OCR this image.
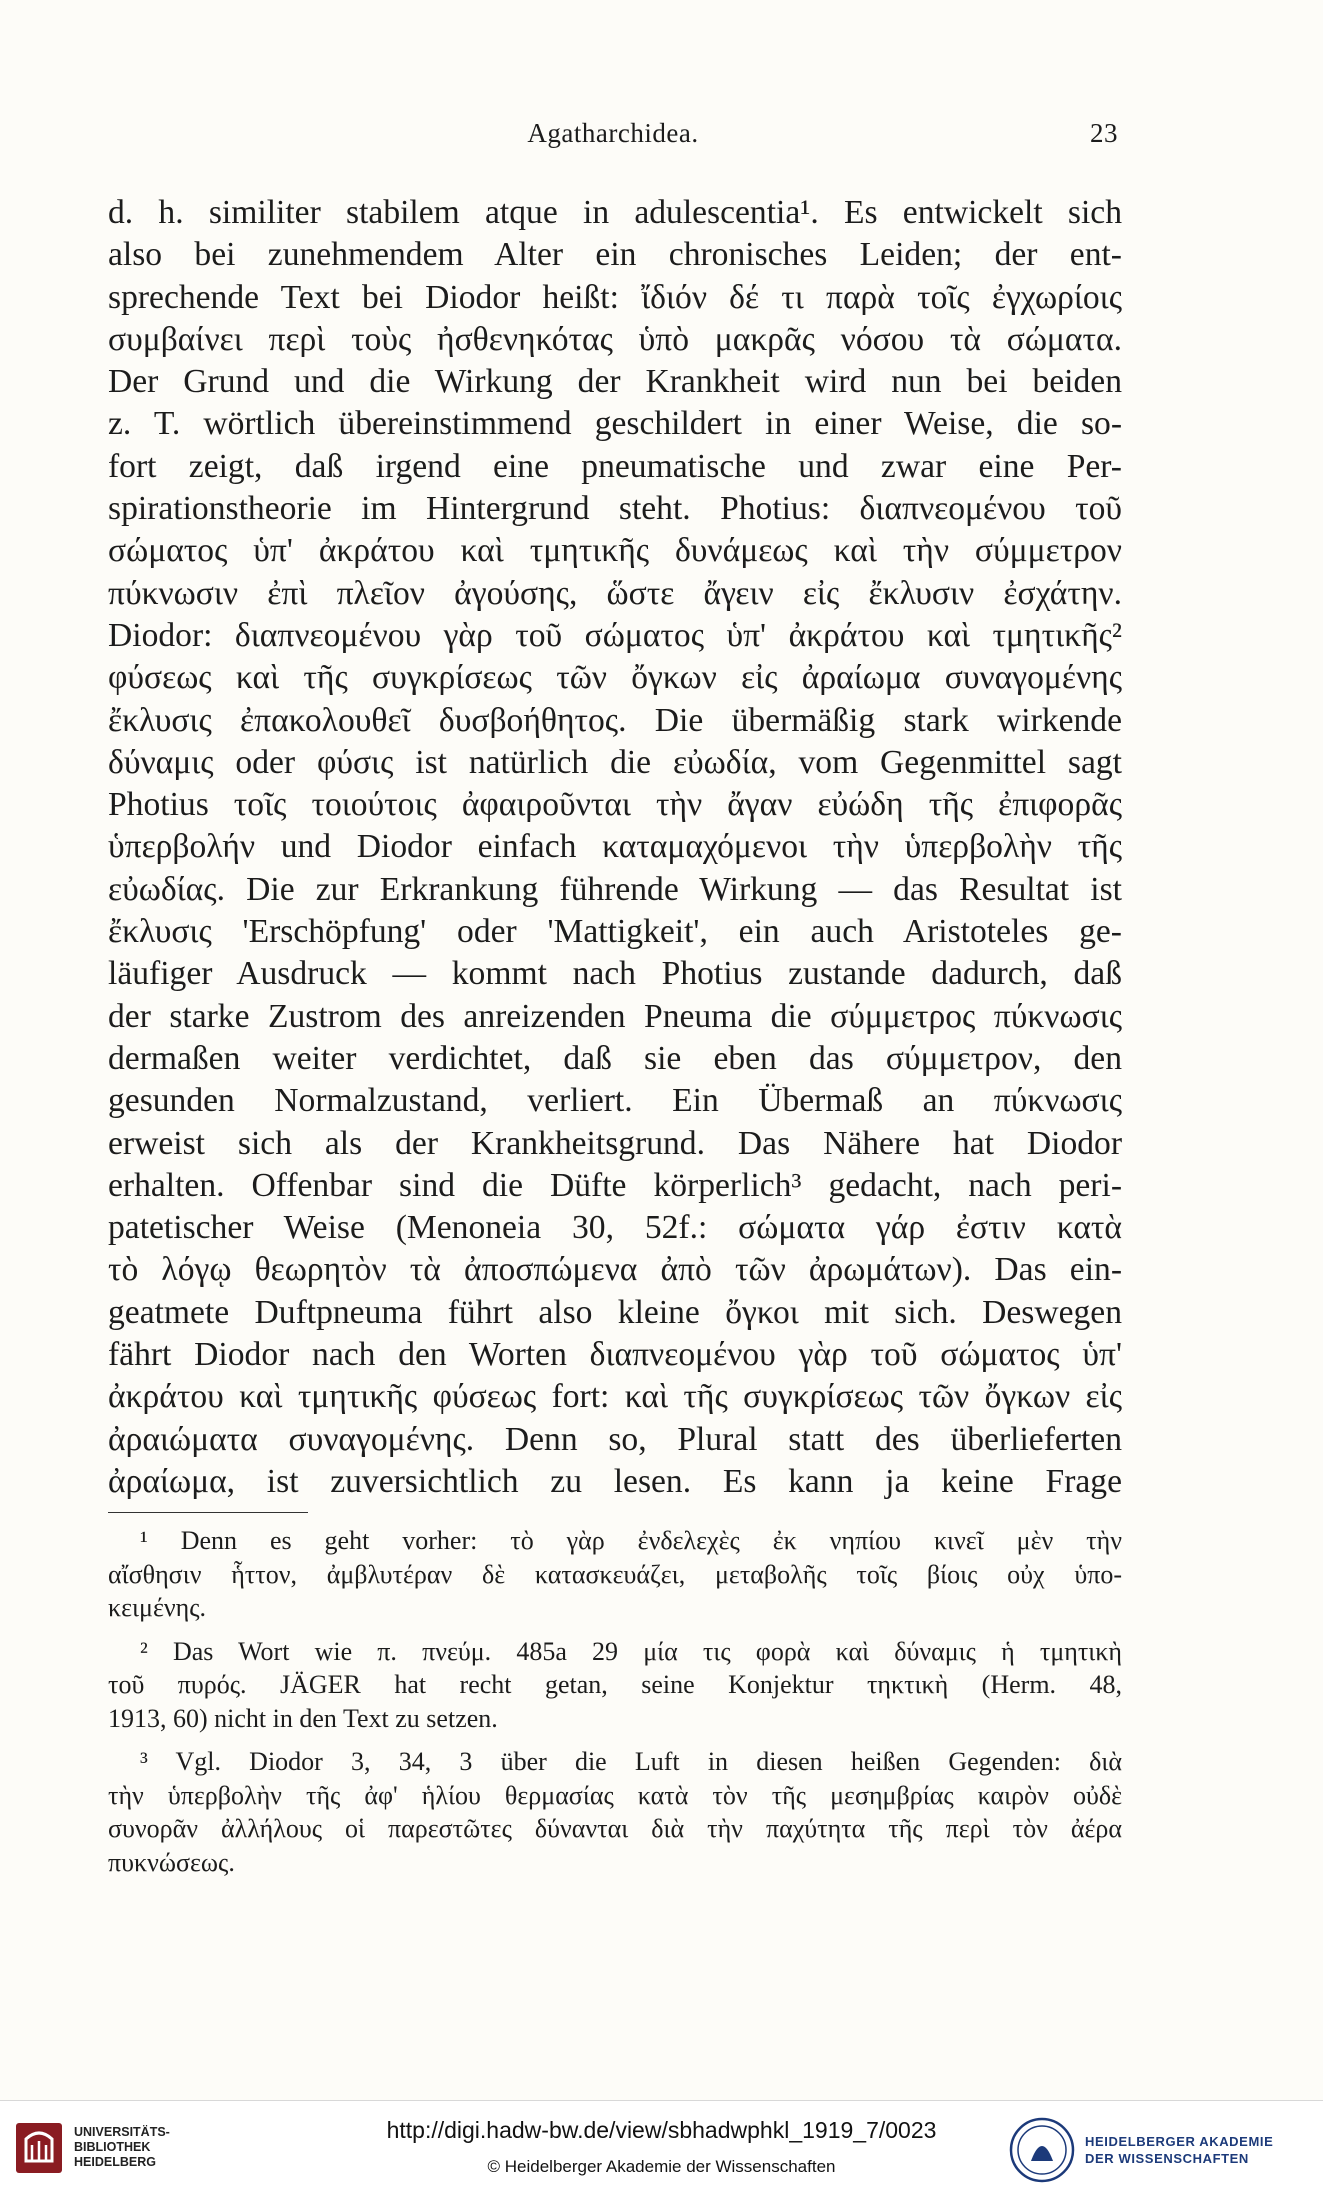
Agatharchidea.	23
d. h. similiter stabilem atque in adulescentia¹. Es entwickelt sich
also bei zunehmendem Alter ein chronisches Leiden; der ent-
sprechende Text bei Diodor heißt: ἴδιόν δέ τι παρὰ τοῖς ἐγχωρίοις
συμβαίνει περὶ τοὺς ἠσθενηκότας ὑπὸ μακρᾶς νόσου τὰ σώματα.
Der Grund und die Wirkung der Krankheit wird nun bei beiden
z. T. wörtlich übereinstimmend geschildert in einer Weise, die so-
fort zeigt, daß irgend eine pneumatische und zwar eine Per-
spirationstheorie im Hintergrund steht. Photius: διαπνεομένου τοῦ
σώματος ὑπ' ἀκράτου καὶ τμητικῆς δυνάμεως καὶ τὴν σύμμετρον
πύκνωσιν ἐπὶ πλεῖον ἀγούσης, ὥστε ἄγειν εἰς ἔκλυσιν ἐσχάτην.
Diodor: διαπνεομένου γὰρ τοῦ σώματος ὑπ' ἀκράτου καὶ τμητικῆς²
φύσεως καὶ τῆς συγκρίσεως τῶν ὄγκων εἰς ἀραίωμα συναγομένης
ἔκλυσις ἐπακολουθεῖ δυσβοήθητος. Die übermäßig stark wirkende
δύναμις oder φύσις ist natürlich die εὐωδία, vom Gegenmittel sagt
Photius τοῖς τοιούτοις ἀφαιροῦνται τὴν ἄγαν εὐώδη τῆς ἐπιφορᾶς
ὑπερβολήν und Diodor einfach καταμαχόμενοι τὴν ὑπερβολὴν τῆς
εὐωδίας. Die zur Erkrankung führende Wirkung — das Resultat ist
ἔκλυσις 'Erschöpfung' oder 'Mattigkeit', ein auch Aristoteles ge-
läufiger Ausdruck — kommt nach Photius zustande dadurch, daß
der starke Zustrom des anreizenden Pneuma die σύμμετρος πύκνωσις
dermaßen weiter verdichtet, daß sie eben das σύμμετρον, den
gesunden Normalzustand, verliert. Ein Übermaß an πύκνωσις
erweist sich als der Krankheitsgrund. Das Nähere hat Diodor
erhalten. Offenbar sind die Düfte körperlich³ gedacht, nach peri-
patetischer Weise (Menoneia 30, 52f.: σώματα γάρ ἐστιν κατὰ
τὸ λόγῳ θεωρητὸν τὰ ἀποσπώμενα ἀπὸ τῶν ἀρωμάτων). Das ein-
geatmete Duftpneuma führt also kleine ὄγκοι mit sich. Deswegen
fährt Diodor nach den Worten διαπνεομένου γὰρ τοῦ σώματος ὑπ'
ἀκράτου καὶ τμητικῆς φύσεως fort: καὶ τῆς συγκρίσεως τῶν ὄγκων εἰς
ἀραιώματα συναγομένης. Denn so, Plural statt des überlieferten
ἀραίωμα, ist zuversichtlich zu lesen. Es kann ja keine Frage
¹ Denn es geht vorher: τὸ γὰρ ἐνδελεχὲς ἐκ νηπίου κινεῖ μὲν τὴν
αἴσθησιν ἧττον, ἀμβλυτέραν δὲ κατασκευάζει, μεταβολῆς τοῖς βίοις οὐχ ὑπο-
κειμένης.
² Das Wort wie π. πνεύμ. 485a 29 μία τις φορὰ καὶ δύναμις ἡ τμητικὴ
τοῦ πυρός. JÄGER hat recht getan, seine Konjektur τηκτικὴ (Herm. 48,
1913, 60) nicht in den Text zu setzen.
³ Vgl. Diodor 3, 34, 3 über die Luft in diesen heißen Gegenden: διὰ
τὴν ὑπερβολὴν τῆς ἀφ' ἡλίου θερμασίας κατὰ τὸν τῆς μεσημβρίας καιρὸν οὐδὲ
συνορᾶν ἀλλήλους οἱ παρεστῶτες δύνανται διὰ τὴν παχύτητα τῆς περὶ τὸν ἀέρα
πυκνώσεως.
UNIVERSITÄTS-
BIBLIOTHEK
HEIDELBERG
http://digi.hadw-bw.de/view/sbhadwphkl_1919_7/0023
© Heidelberger Akademie der Wissenschaften
HEIDELBERGER AKADEMIE
DER WISSENSCHAFTEN
